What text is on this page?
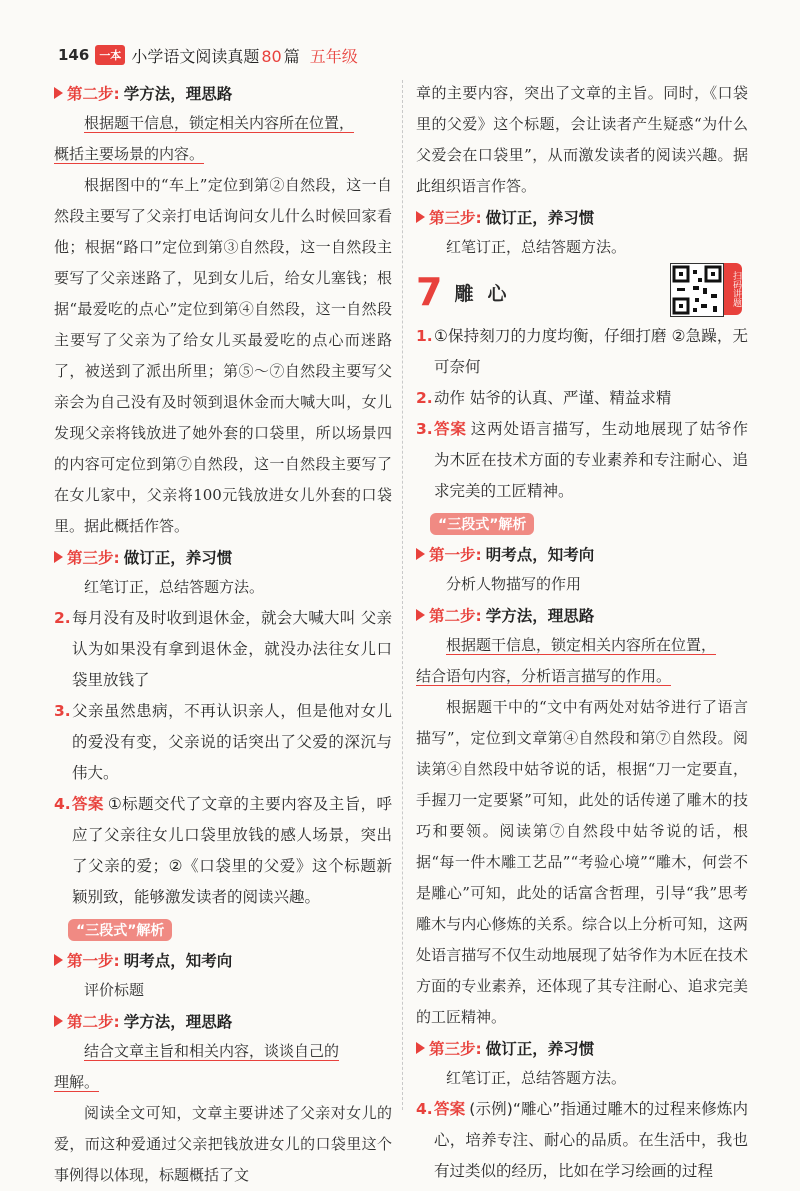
146 一本 小学语文阅读真题 80 篇 五年级
第二步: 学方法，理思路

根据题干信息，锁定相关内容所在位置，
概括主要场景的内容。

根据图中的“车上”定位到第②自然段，这一自然段主要写了父亲打电话询问女儿什么时候回家看他；根据“路口”定位到第③自然段，这一自然段主要写了父亲迷路了，见到女儿后，给女儿塞钱；根据“最爱吃的点心”定位到第④自然段，这一自然段主要写了父亲为了给女儿买最爱吃的点心而迷路了，被送到了派出所里；第⑤～⑦自然段主要写父亲会为自己没有及时领到退休金而大喊大叫，女儿发现父亲将钱放进了她外套的口袋里，所以场景四的内容可定位到第⑦自然段，这一自然段主要写了在女儿家中，父亲将100元钱放进女儿外套的口袋里。据此概括作答。

第三步: 做订正，养习惯

红笔订正，总结答题方法。

2. 每月没有及时收到退休金，就会大喊大叫 父亲认为如果没有拿到退休金，就没办法往女儿口袋里放钱了
3. 父亲虽然患病，不再认识亲人，但是他对女儿的爱没有变，父亲说的话突出了父爱的深沉与伟大。
4. 答案 ①标题交代了文章的主要内容及主旨，呼应了父亲往女儿口袋里放钱的感人场景，突出了父亲的爱；②《口袋里的父爱》这个标题新颖别致，能够激发读者的阅读兴趣。
“三段式”解析
第一步: 明考点，知考向

评价标题

第二步: 学方法，理思路

结合文章主旨和相关内容，谈谈自己的
理解。

阅读全文可知，文章主要讲述了父亲对女儿的爱，而这种爱通过父亲把钱放进女儿的口袋里这个事例得以体现，标题概括了文

章的主要内容，突出了文章的主旨。同时，《口袋里的父爱》这个标题，会让读者产生疑惑“为什么父爱会在口袋里”，从而激发读者的阅读兴趣。据此组织语言作答。

第三步: 做订正，养习惯

红笔订正，总结答题方法。

7 雕心	扫码讲题
1. ①保持刻刀的力度均衡，仔细打磨 ②急躁，无可奈何
2. 动作 姑爷的认真、严谨、精益求精
3. 答案 这两处语言描写，生动地展现了姑爷作为木匠在技术方面的专业素养和专注耐心、追求完美的工匠精神。
“三段式”解析
第一步: 明考点，知考向

分析人物描写的作用

第二步: 学方法，理思路

根据题干信息，锁定相关内容所在位置，
结合语句内容，分析语言描写的作用。

根据题干中的“文中有两处对姑爷进行了语言描写”，定位到文章第④自然段和第⑦自然段。阅读第④自然段中姑爷说的话，根据“刀一定要直，手握刀一定要紧”可知，此处的话传递了雕木的技巧和要领。阅读第⑦自然段中姑爷说的话，根据“每一件木雕工艺品”“考验心境”“雕木，何尝不是雕心”可知，此处的话富含哲理，引导“我”思考雕木与内心修炼的关系。综合以上分析可知，这两处语言描写不仅生动地展现了姑爷作为木匠在技术方面的专业素养，还体现了其专注耐心、追求完美的工匠精神。

第三步: 做订正，养习惯

红笔订正，总结答题方法。

4. 答案 (示例)“雕心”指通过雕木的过程来修炼内心，培养专注、耐心的品质。在生活中，我也有过类似的经历，比如在学习绘画的过程
